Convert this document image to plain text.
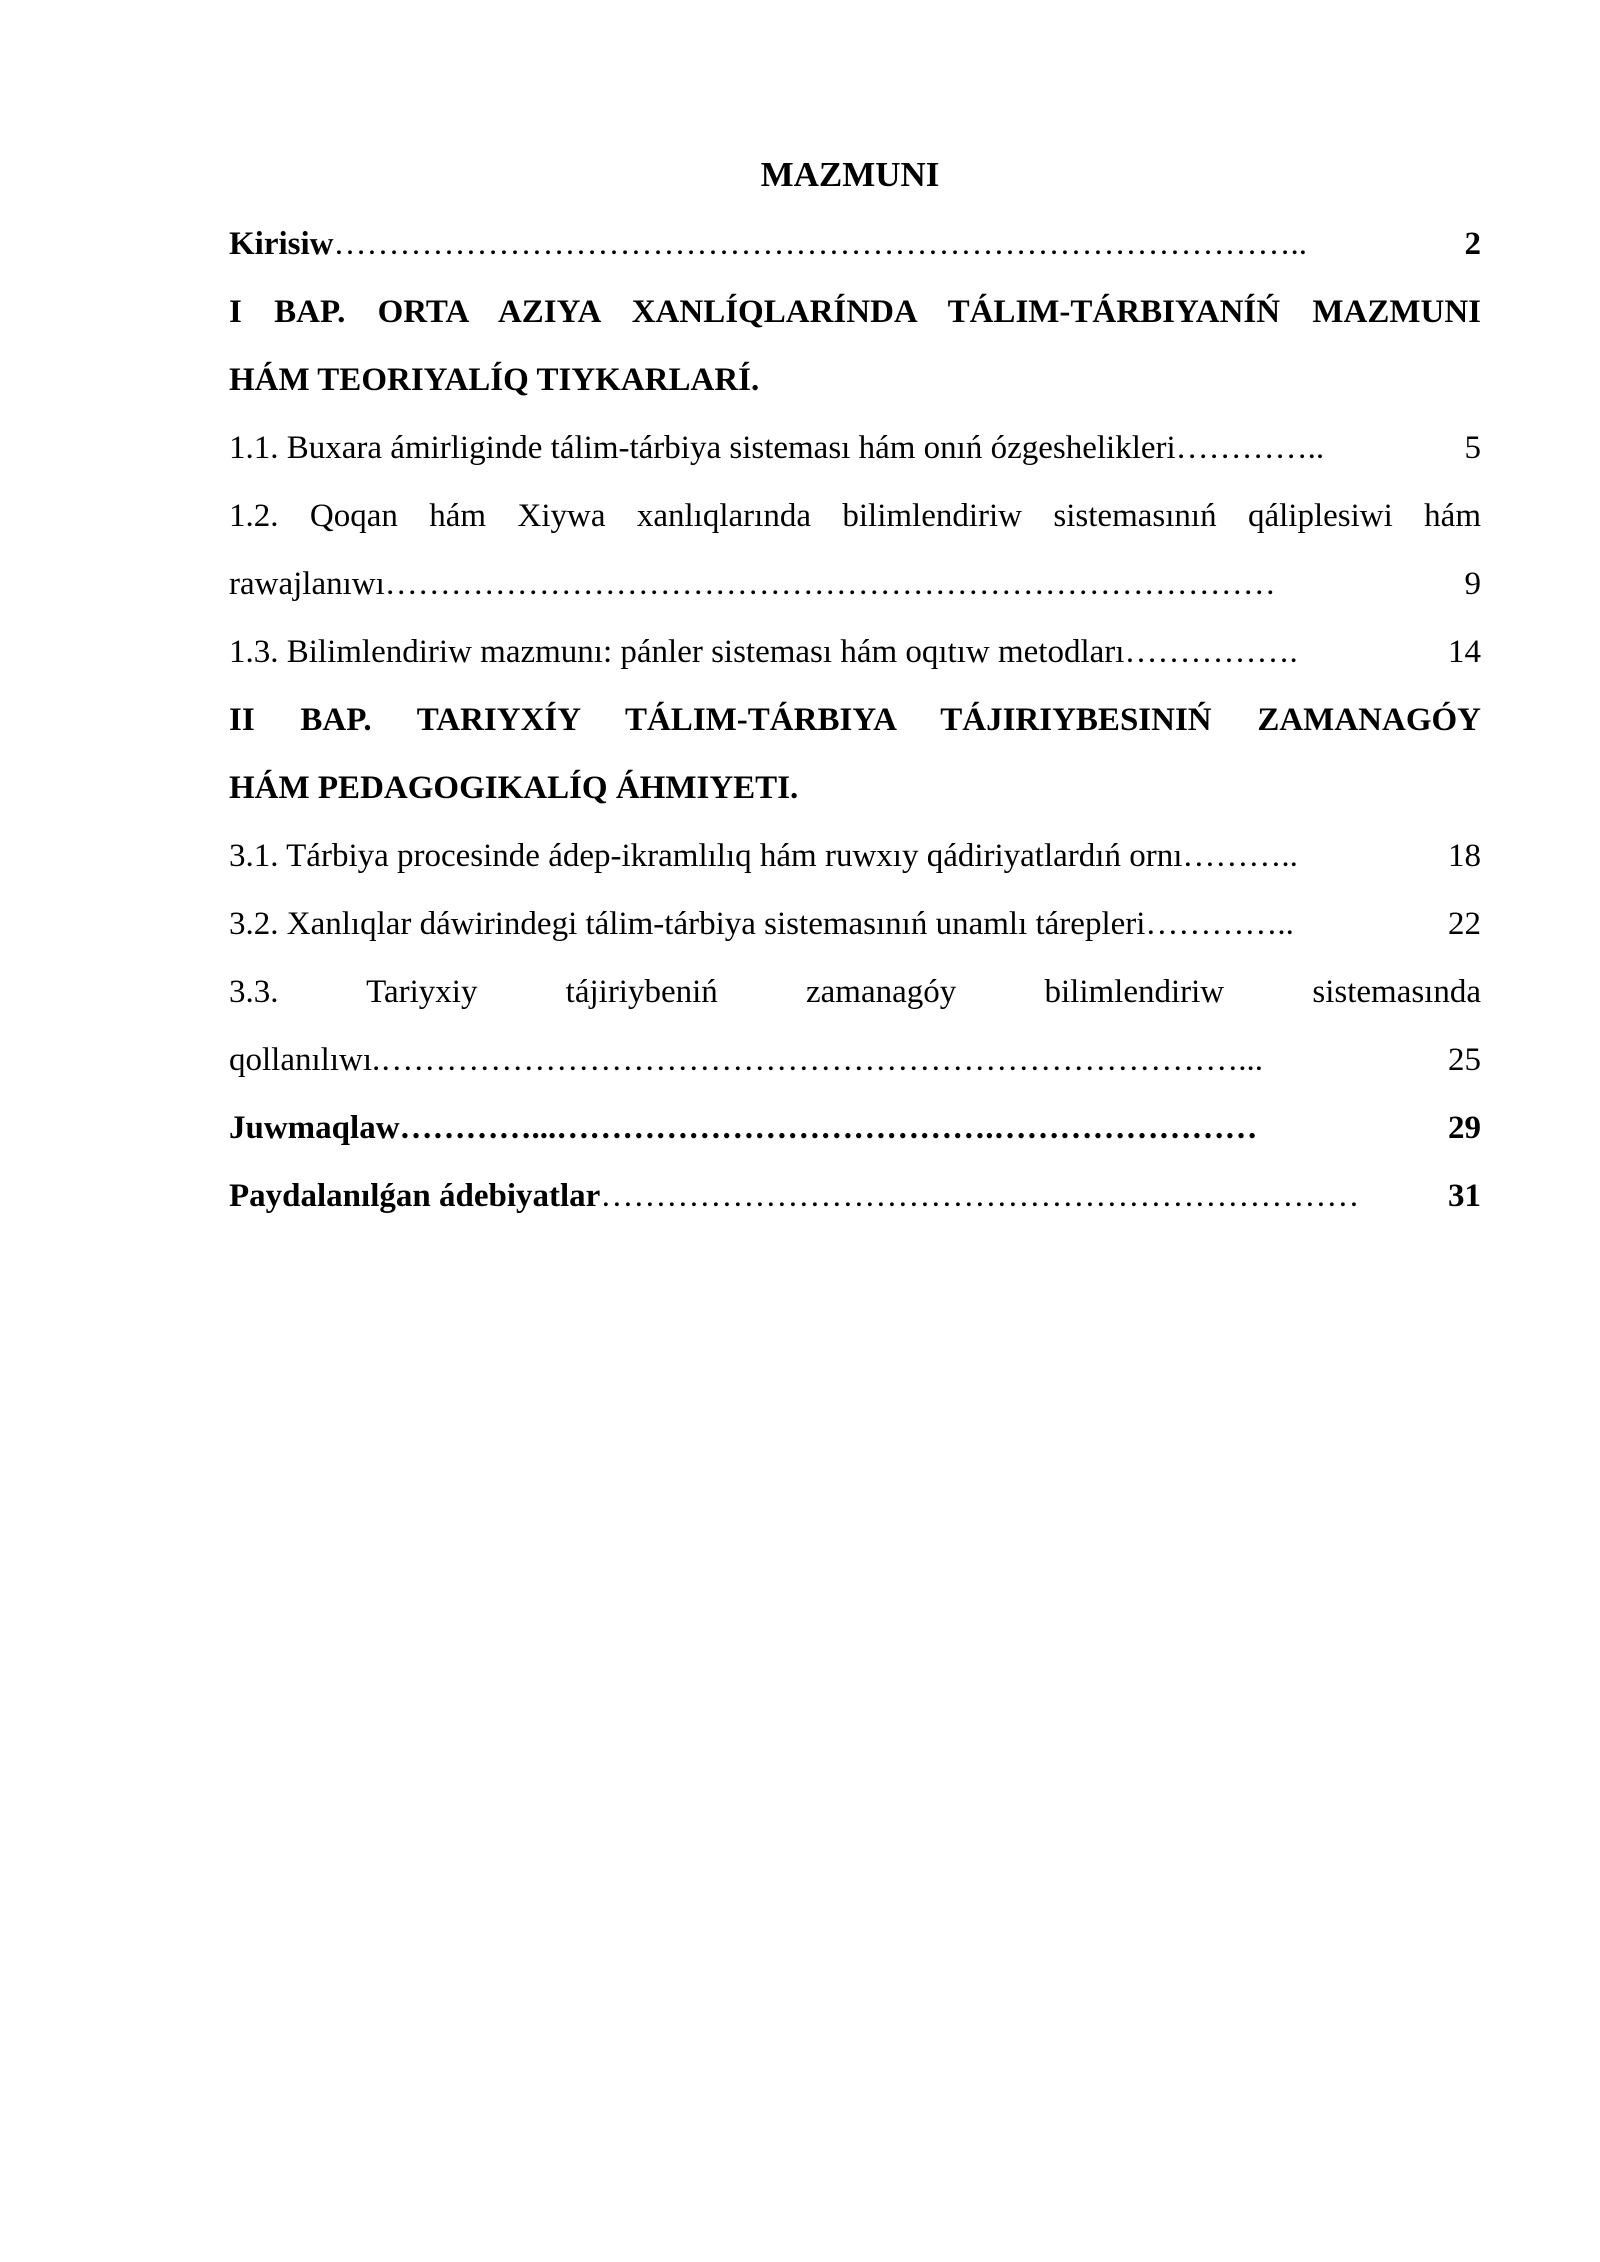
MAZMUNI
Kirisiw ……………………………………………………………………………..	2
I BAP. ORTA AZIYA XANLÍQLARÍNDA TÁLIM-TÁRBIYANÍŃ MAZMUNI
HÁM TEORIYALÍQ TIYKARLARÍ.
1.1. Buxara ámirliginde tálim-tárbiya sisteması hám onıń ózgeshelikleri …………..	5
1.2. Qoqan hám Xiywa xanlıqlarında bilimlendiriw sistemasınıń qáliplesiwi hám
rawajlanıwı ………………………………………………………………………	9
1.3. Bilimlendiriw mazmunı: pánler sisteması hám oqıtıw metodları …………….	14
II BAP. TARIYXÍY TÁLIM-TÁRBIYA TÁJIRIYBESINIŃ ZAMANAGÓY
HÁM PEDAGOGIKALÍQ ÁHMIYETI.
3.1. Tárbiya procesinde ádep-ikramlılıq hám ruwxıy qádiriyatlardıń ornı ………..	18
3.2. Xanlıqlar dáwirindegi tálim-tárbiya sistemasınıń unamlı tárepleri …………..	22
3.3. Tariyxiy tájiriybeniń zamanagóy bilimlendiriw sistemasında
qollanılıwı. ……………………………………………………………………...	25
Juwmaqlaw …………...………………………………….……………………	29
Paydalanılǵan ádebiyatlar ……………………………………………………………	31
